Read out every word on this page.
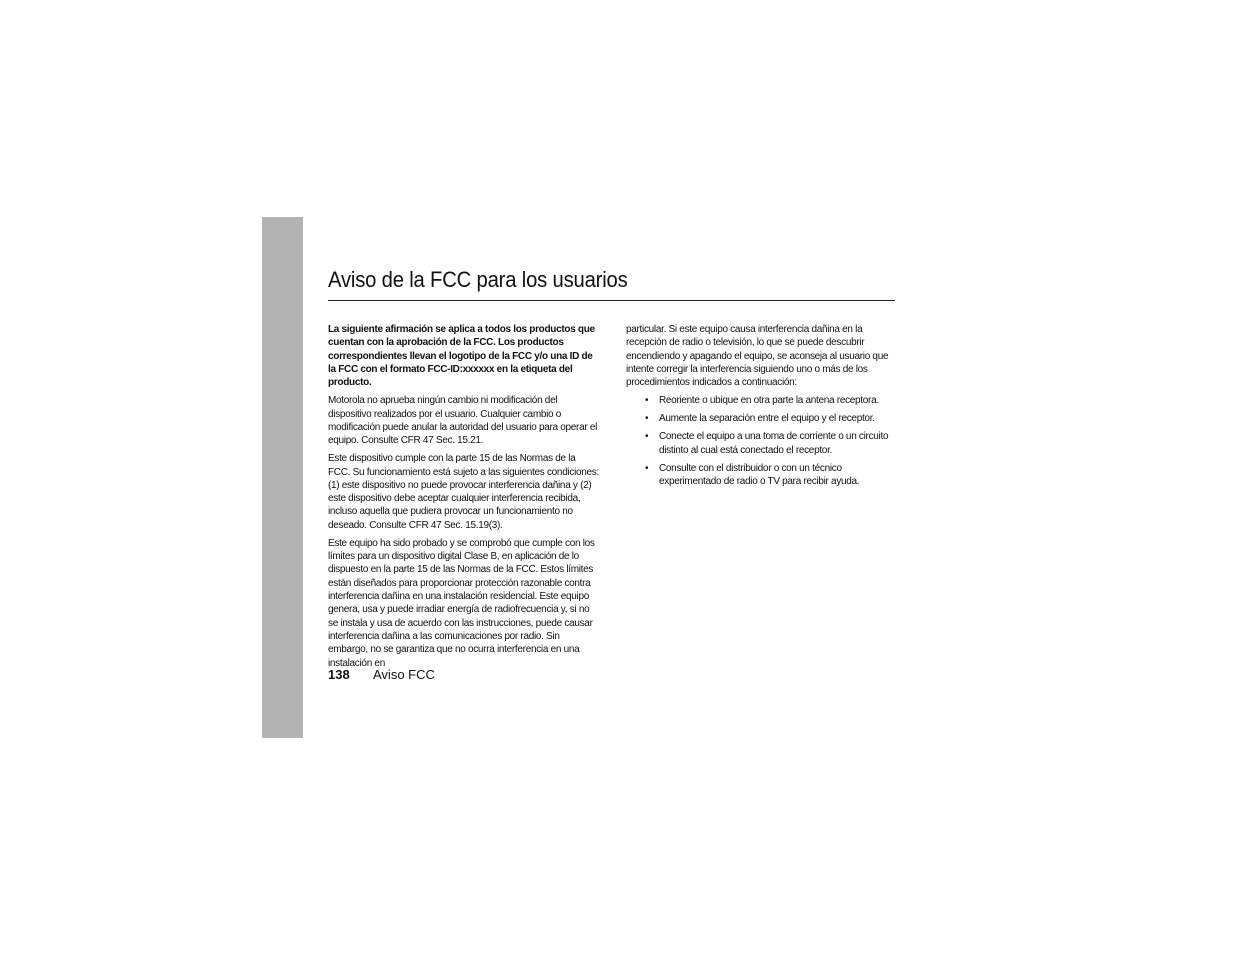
Aviso de la FCC para los usuarios

La siguiente afirmación se aplica a todos los productos que cuentan con la aprobación de la FCC. Los productos correspondientes llevan el logotipo de la FCC y/o una ID de la FCC con el formato FCC-ID:xxxxxx en la etiqueta del producto.

Motorola no aprueba ningún cambio ni modificación del dispositivo realizados por el usuario. Cualquier cambio o modificación puede anular la autoridad del usuario para operar el equipo. Consulte CFR 47 Sec. 15.21.

Este dispositivo cumple con la parte 15 de las Normas de la FCC. Su funcionamiento está sujeto a las siguientes condiciones: (1) este dispositivo no puede provocar interferencia dañina y (2) este dispositivo debe aceptar cualquier interferencia recibida, incluso aquella que pudiera provocar un funcionamiento no deseado. Consulte CFR 47 Sec. 15.19(3).

Este equipo ha sido probado y se comprobó que cumple con los límites para un dispositivo digital Clase B, en aplicación de lo dispuesto en la parte 15 de las Normas de la FCC. Estos límites están diseñados para proporcionar protección razonable contra interferencia dañina en una instalación residencial. Este equipo genera, usa y puede irradiar energía de radiofrecuencia y, si no se instala y usa de acuerdo con las instrucciones, puede causar interferencia dañina a las comunicaciones por radio. Sin embargo, no se garantiza que no ocurra interferencia en una instalación en

particular. Si este equipo causa interferencia dañina en la recepción de radio o televisión, lo que se puede descubrir encendiendo y apagando el equipo, se aconseja al usuario que intente corregir la interferencia siguiendo uno o más de los procedimientos indicados a continuación:

• Reoriente o ubique en otra parte la antena receptora.
• Aumente la separación entre el equipo y el receptor.
• Conecte el equipo a una toma de corriente o un circuito distinto al cual está conectado el receptor.
• Consulte con el distribuidor o con un técnico experimentado de radio o TV para recibir ayuda.
138 Aviso FCC
